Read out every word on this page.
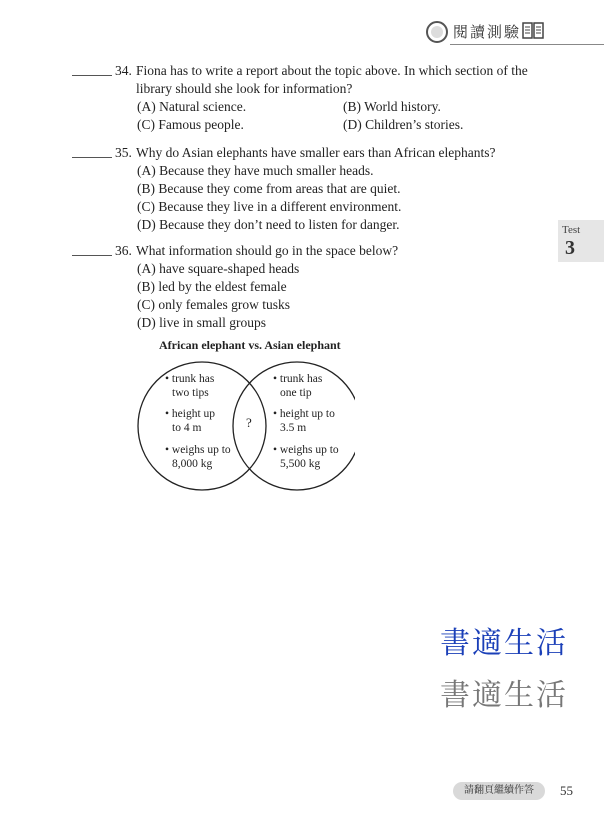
閱讀測驗
Test
3
34. Fiona has to write a report about the topic above. In which section of the
library should she look for information?
(A) Natural science.	(B) World history.
(C) Famous people.	(D) Children’s stories.
35. Why do Asian elephants have smaller ears than African elephants?
(A) Because they have much smaller heads.
(B) Because they come from areas that are quiet.
(C) Because they live in a different environment.
(D) Because they don’t need to listen for danger.
36. What information should go in the space below?
(A) have square-shaped heads
(B) led by the eldest female
(C) only females grow tusks
(D) live in small groups
African elephant vs. Asian elephant
• trunk has
two tips
• height up
to 4 m
• weighs up to
8,000 kg
?
• trunk has
one tip
• height up to
3.5 m
• weighs up to
5,500 kg
書適生活
書適生活
請翻頁繼續作答	55
